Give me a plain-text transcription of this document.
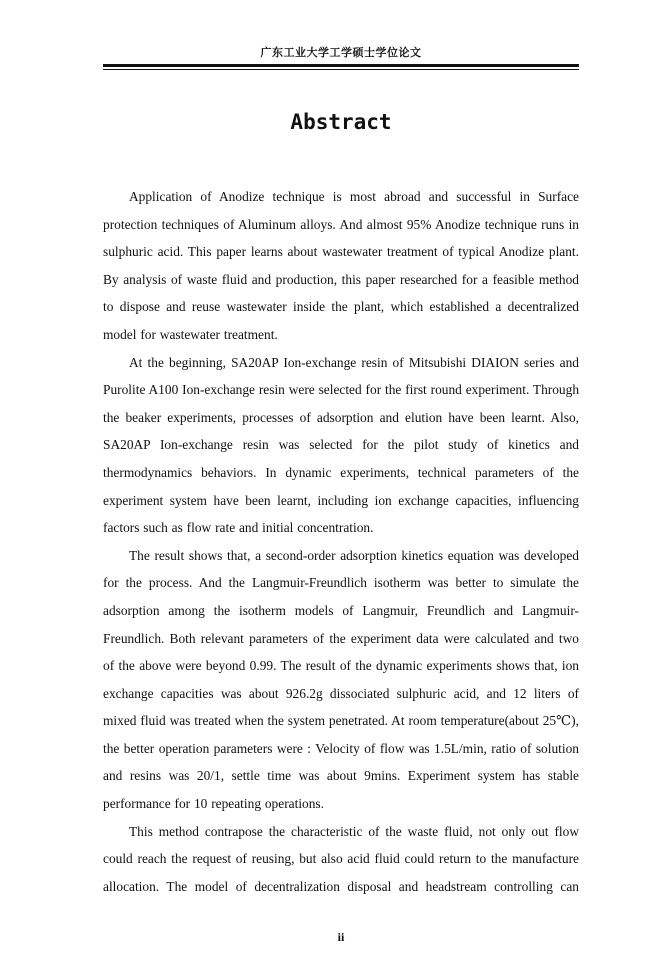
广东工业大学工学硕士学位论文
Abstract

Application of Anodize technique is most abroad and successful in Surface protection techniques of Aluminum alloys. And almost 95% Anodize technique runs in sulphuric acid. This paper learns about wastewater treatment of typical Anodize plant. By analysis of waste fluid and production, this paper researched for a feasible method to dispose and reuse wastewater inside the plant, which established a decentralized model for wastewater treatment.

At the beginning, SA20AP Ion-exchange resin of Mitsubishi DIAION series and Purolite A100 Ion-exchange resin were selected for the first round experiment. Through the beaker experiments, processes of adsorption and elution have been learnt. Also, SA20AP Ion-exchange resin was selected for the pilot study of kinetics and thermodynamics behaviors. In dynamic experiments, technical parameters of the experiment system have been learnt, including ion exchange capacities, influencing factors such as flow rate and initial concentration.

The result shows that, a second-order adsorption kinetics equation was developed for the process. And the Langmuir-Freundlich isotherm was better to simulate the adsorption among the isotherm models of Langmuir, Freundlich and Langmuir-Freundlich. Both relevant parameters of the experiment data were calculated and two of the above were beyond 0.99. The result of the dynamic experiments shows that, ion exchange capacities was about 926.2g dissociated sulphuric acid, and 12 liters of mixed fluid was treated when the system penetrated. At room temperature(about 25℃), the better operation parameters were : Velocity of flow was 1.5L/min, ratio of solution and resins was 20/1, settle time was about 9mins. Experiment system has stable performance for 10 repeating operations.

This method contrapose the characteristic of the waste fluid, not only out flow could reach the request of reusing, but also acid fluid could return to the manufacture allocation. The model of decentralization disposal and headstream controlling can

ii
